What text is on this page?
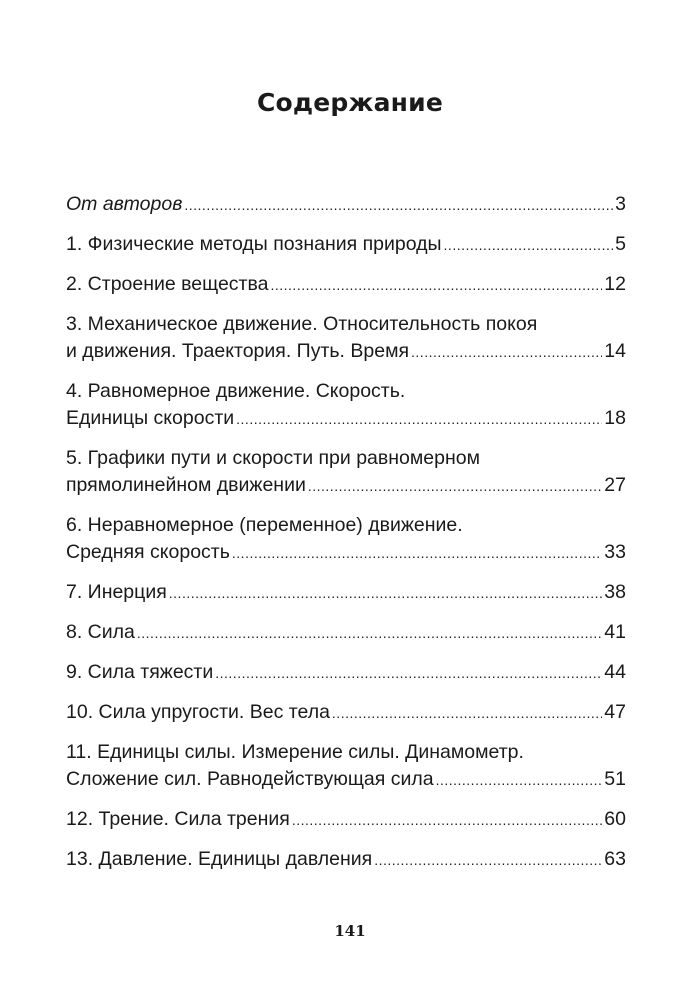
Содержание
От авторов .....	3
1. Физические методы познания природы .....	5
2. Строение вещества .....	12
3. Механическое движение. Относительность покоя
и движения. Траектория. Путь. Время .....	14
4. Равномерное движение. Скорость.
Единицы скорости .....	18
5. Графики пути и скорости при равномерном
прямолинейном движении .....	27
6. Неравномерное (переменное) движение.
Средняя скорость .....	33
7. Инерция .....	38
8. Сила .....	41
9. Сила тяжести .....	44
10. Сила упругости. Вес тела .....	47
11. Единицы силы. Измерение силы. Динамометр.
Сложение сил. Равнодействующая сила .....	51
12. Трение. Сила трения .....	60
13. Давление. Единицы давления .....	63
141
